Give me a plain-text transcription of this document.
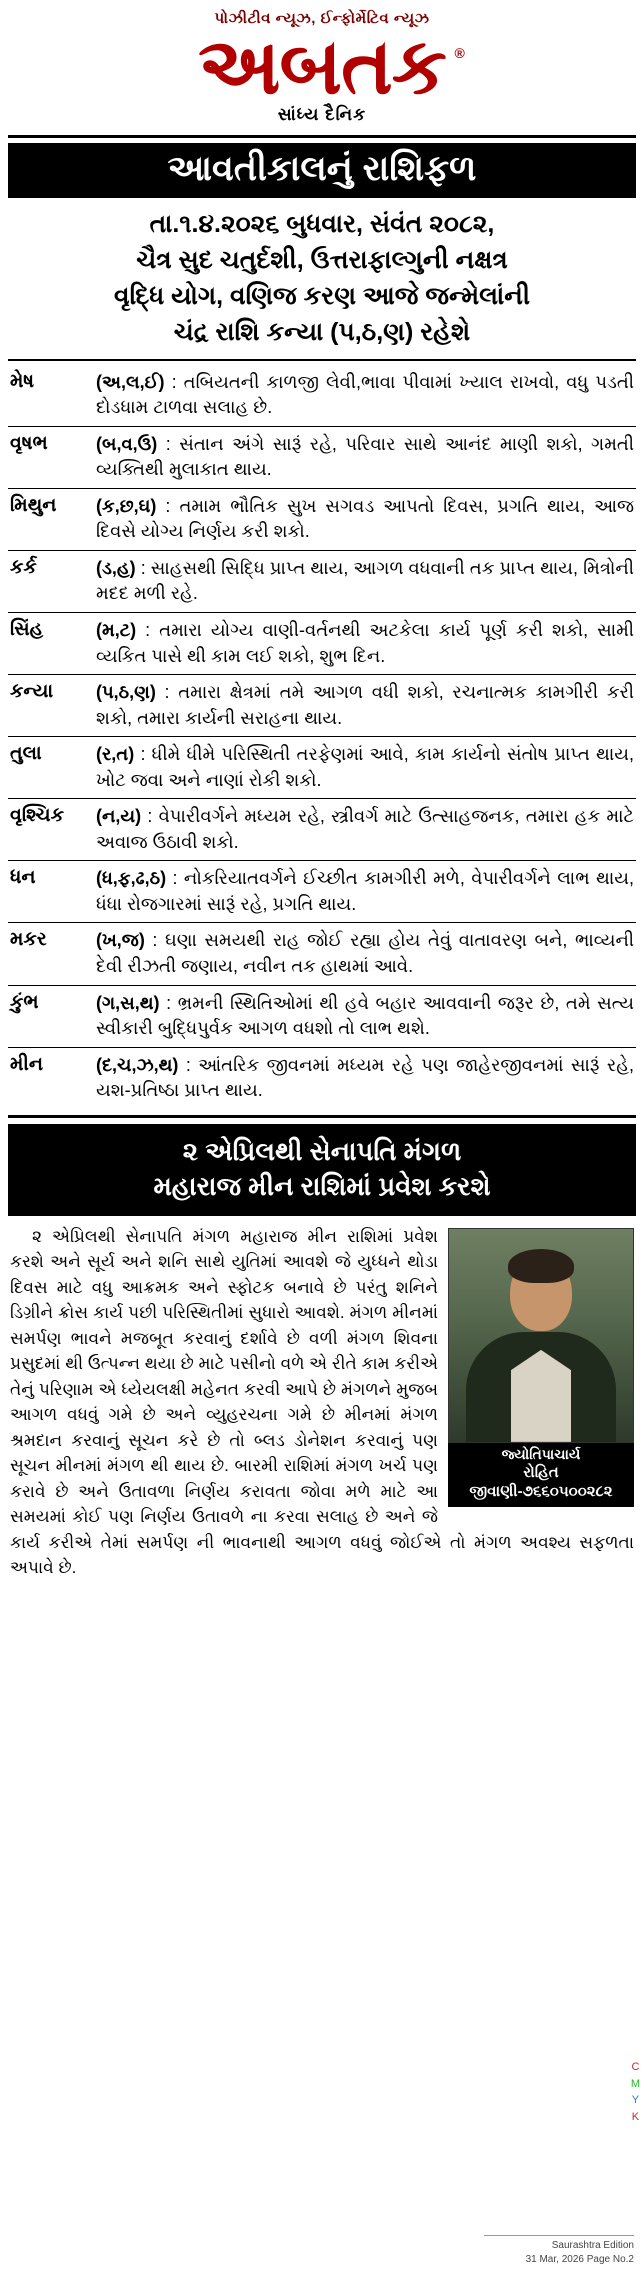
પોઝીટીવ ન્યૂઝ, ઈન્ફોર્મેટિવ ન્યૂઝ
અબતક ®
સાંધ્ય દૈનિક
આવતીકાલનું રાશિફળ
તા.૧.૪.૨૦૨૬ બુધવાર, સંવંત ૨૦૮૨,
ચૈત્ર સુદ ચતુર્દશી, ઉત્તરાફાલ્ગુની નક્ષત્ર
વૃદ્ધિ યોગ, વણિજ કરણ આજે જન્મેલાંની
ચંદ્ર રાશિ કન્યા (પ,ઠ,ણ) રહેશે
મેષ	(અ,લ,ઈ) : તબિયતની કાળજી લેવી,ભાવા પીવામાં ખ્યાલ રાખવો, વધુ પડતી દોડધામ ટાળવા સલાહ છે.
વૃષભ	(બ,વ,ઉ) : સંતાન અંગે સારૂં રહે, પરિવાર સાથે આનંદ માણી શકો, ગમતી વ્યક્તિથી મુલાકાત થાય.
મિથુન	(ક,છ,ઘ) : તમામ ભૌતિક સુખ સગવડ આપતો દિવસ, પ્રગતિ થાય, આજ દિવસે યોગ્ય નિર્ણય કરી શકો.
કર્ક	(ડ,હ) : સાહસથી સિદ્ધિ પ્રાપ્ત થાય, આગળ વધવાની તક પ્રાપ્ત થાય, મિત્રોની મદદ મળી રહે.
સિંહ	(મ,ટ) : તમારા યોગ્ય વાણી-વર્તનથી અટકેલા કાર્ય પૂર્ણ કરી શકો, સામી વ્યકિત પાસે થી કામ લઈ શકો, શુભ દિન.
કન્યા	(પ,ઠ,ણ) : તમારા ક્ષેત્રમાં તમે આગળ વધી શકો, રચનાત્મક કામગીરી કરી શકો, તમારા કાર્યની સરાહના થાય.
તુલા	(ર,ત) : ધીમે ધીમે પરિસ્થિતી તરફેણમાં આવે, કામ કાર્યનો સંતોષ પ્રાપ્ત થાય, ખોટ જવા અને નાણાં રોકી શકો.
વૃશ્ચિક	(ન,ય) : વેપારીવર્ગને મધ્યમ રહે, સ્ત્રીવર્ગ માટે ઉત્સાહજનક, તમારા હક માટે અવાજ ઉઠાવી શકો.
ધન	(ધ,ફ,ઢ,ઠ) : નોકરિયાતવર્ગને ઈચ્છીત કામગીરી મળે, વેપારીવર્ગને લાભ થાય, ધંધા રોજગારમાં સારૂં રહે, પ્રગતિ થાય.
મકર	(ખ,જ) : ઘણા સમયથી રાહ જોઈ રહ્યા હોય તેવું વાતાવરણ બને, ભાવ્યની દેવી રીઝતી જણાય, નવીન તક હાથમાં આવે.
કુંભ	(ગ,સ,થ) : ભ્રમની સ્થિતિઓમાં થી હવે બહાર આવવાની જરૂર છે, તમે સત્ય સ્વીકારી બુદ્ધિપુર્વક આગળ વધશો તો લાભ થશે.
મીન	(દ,ચ,ઝ,થ) : આંતરિક જીવનમાં મધ્યમ રહે પણ જાહેરજીવનમાં સારૂં રહે, યશ-પ્રતિષ્ઠા પ્રાપ્ત થાય.
૨ એપ્રિલથી સેનાપતિ મંગળ
મહારાજ મીન રાશિમાં પ્રવેશ કરશે
જ્યોતિપાચાર્ય
રોહિત જીવાણી-૭૬૬૦૫૦૦૨૮૨

૨ એપ્રિલથી સેનાપતિ મંગળ મહારાજ મીન રાશિમાં પ્રવેશ કરશે અને સૂર્ય અને શનિ સાથે યુતિમાં આવશે જે યુધ્ધને થોડા દિવસ માટે વધુ આક્રમક અને સ્ફોટક બનાવે છે પરંતુ શનિને ડિગ્રીને ક્રોસ કાર્ય પછી પરિસ્થિતીમાં સુધારો આવશે. મંગળ મીનમાં સમર્પણ ભાવને મજબૂત કરવાનું દર્શાવે છે વળી મંગળ શિવના પ્રસુદમાં થી ઉત્પન્ન થયા છે માટે પસીનો વળે એ રીતે કામ કરીએ તેનું પરિણામ એ ધ્યેયલક્ષી મહેનત કરવી આપે છે મંગળને મુજબ આગળ વધવું ગમે છે અને વ્યુહરચના ગમે છે મીનમાં મંગળ શ્રમદાન કરવાનું સૂચન કરે છે તો બ્લડ ડોનેશન કરવાનું પણ સૂચન મીનમાં મંગળ થી થાય છે. બારમી રાશિમાં મંગળ ખર્ચ પણ કરાવે છે અને ઉતાવળા નિર્ણય કરાવતા જોવા મળે માટે આ સમયમાં કોઈ પણ નિર્ણય ઉતાવળે ના કરવા સલાહ છે અને જે કાર્ય કરીએ તેમાં સમર્પણ ની ભાવનાથી આગળ વધવું જોઈએ તો મંગળ અવશ્ય સફળતા અપાવે છે.

C
M
Y
K
Saurashtra Edition
31 Mar, 2026 Page No.2
